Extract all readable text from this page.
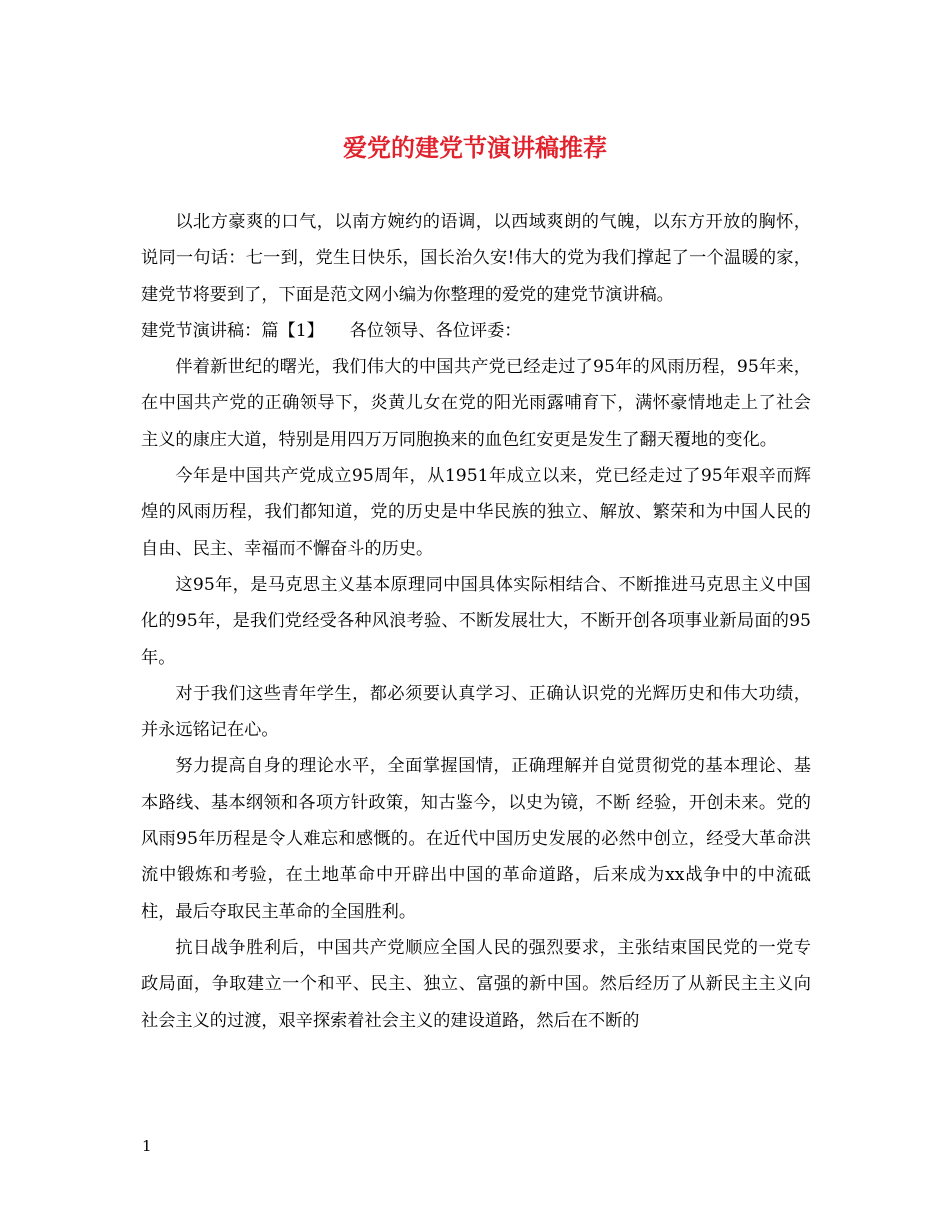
爱党的建党节演讲稿推荐

以北方豪爽的口气，以南方婉约的语调，以西域爽朗的气魄，以东方开放的胸怀，说同一句话：七一到，党生日快乐，国长治久安!伟大的党为我们撑起了一个温暖的家，建党节将要到了，下面是范文网小编为你整理的爱党的建党节演讲稿。

建党节演讲稿：篇【1】　　各位领导、各位评委：

伴着新世纪的曙光，我们伟大的中国共产党已经走过了95年的风雨历程，95年来，在中国共产党的正确领导下，炎黄儿女在党的阳光雨露哺育下，满怀豪情地走上了社会主义的康庄大道，特别是用四万万同胞换来的血色红安更是发生了翻天覆地的变化。

今年是中国共产党成立95周年，从1951年成立以来，党已经走过了95年艰辛而辉煌的风雨历程，我们都知道，党的历史是中华民族的独立、解放、繁荣和为中国人民的自由、民主、幸福而不懈奋斗的历史。

这95年，是马克思主义基本原理同中国具体实际相结合、不断推进马克思主义中国化的95年，是我们党经受各种风浪考验、不断发展壮大，不断开创各项事业新局面的95年。

对于我们这些青年学生，都必须要认真学习、正确认识党的光辉历史和伟大功绩，并永远铭记在心。

努力提高自身的理论水平，全面掌握国情，正确理解并自觉贯彻党的基本理论、基本路线、基本纲领和各项方针政策，知古鉴今，以史为镜，不断 经验，开创未来。党的风雨95年历程是令人难忘和感慨的。在近代中国历史发展的必然中创立，经受大革命洪流中锻炼和考验，在土地革命中开辟出中国的革命道路，后来成为xx战争中的中流砥柱，最后夺取民主革命的全国胜利。

抗日战争胜利后，中国共产党顺应全国人民的强烈要求，主张结束国民党的一党专政局面，争取建立一个和平、民主、独立、富强的新中国。然后经历了从新民主主义向社会主义的过渡，艰辛探索着社会主义的建设道路，然后在不断的

1
